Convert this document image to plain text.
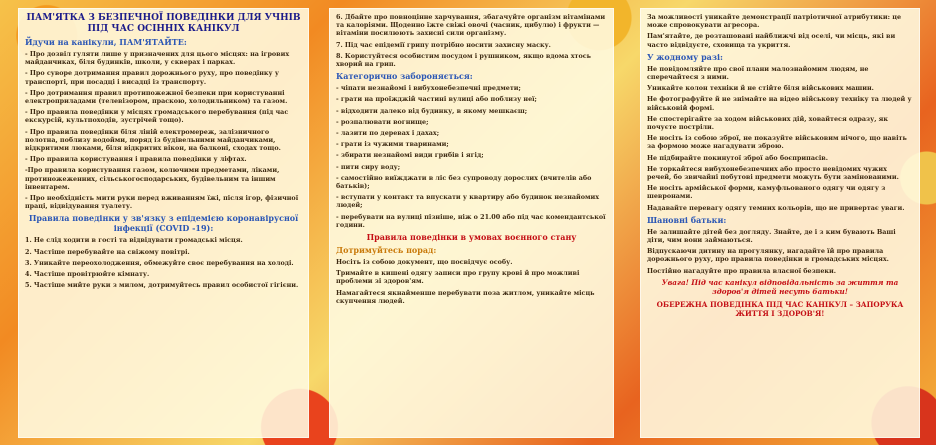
ПАМ'ЯТКА З БЕЗПЕЧНОЇ ПОВЕДІНКИ ДЛЯ УЧНІВ

ПІД ЧАС ОСІННІХ КАНІКУЛ

Йдучи на канікули, ПАМ'ЯТАЙТЕ:

- Про дозвіл гуляти лише у призначених для цього місцях: на ігрових майданчиках, біля будинків, школи, у скверах і парках.

- Про суворе дотримання правил дорожнього руху, про поведінку у транспорті, при посадці і висадці із транспорту.

- Про дотримання правил протипожежної безпеки при користуванні електроприладами (телевізором, праскою, холодильником) та газом.

- Про правила поведінки у місцях громадського перебування (під час екскурсій, культпоходів, зустрічей тощо).

- Про правила поведінки біля ліній електромереж, залізничного полотна, поблизу водойми, поряд із будівельними майданчиками, відкритими люками, біля відкритих вікон, на балконі, сходах тощо.

- Про правила користування і правила поведінки у ліфтах.

-Про правила користування газом, колючими предметами, ліками, протиножеженних, сільськогосподарських, будівельним та іншим інвентарем.

- Про необхідність мити руки перед вживанням їжі, після ігор, фізичної праці, відвідування туалету.

Правила поведінки у зв'язку з епідемією коронавірусної інфекції (COVID -19):

1. Не слід ходити в гості та відвідувати громадські місця.

2. Частіше перебувайте на свіжому повітрі.

3. Уникайте переохолодження, обмежуйте своє перебування на холоді.

4. Частіше провітрюйте кімнату.

5. Частіше мийте руки з милом, дотримуйтесь правил особистої гігієни.

6. Дбайте про повноцінне харчування, збагачуйте організм вітамінами та калоріями. Щоденно їжте свіжі овочі (часник, цибулю) і фрукти — вітаміни посилюють захисні сили організму.

7. Під час епідемії грипу потрібно носити захисну маску.

8. Користуйтеся особистим посудом і рушником, якщо вдома хтось хворий на грип.

Категорично забороняється:

- чіпати незнайомі і вибухонебезпечні предмети;

- грати на проїжджій частині вулиці або поблизу неї;

- відходити далеко від будинку, в якому мешкаєш;

- розпалювати вогнище;

- лазити по деревах і дахах;

- грати із чужими тваринами;

- збирати незнайомі види грибів і ягід;

- пити сиру воду;

- самостійно виїжджати в ліс без супроводу дорослих (вчителів або батьків);

- вступати у контакт та впускати у квартиру або будинок незнайомих людей;

- перебувати на вулиці пізніше, ніж о 21.00 або під час комендантської години.

Правила поведінки в умовах воєнного стану

Дотримуйтесь порад:

Носіть із собою документ, що посвідчує особу.

Тримайте в кишені одягу записи про групу крові й про можливі проблеми зі здоров'ям.

Намагайтеся якнайменше перебувати поза житлом, уникайте місць скупчення людей.

За можливості уникайте демонстрації патріотичної атрибутики: це може спровокувати агресора.

Пам'ятайте, де розташовані найближчі від оселі, чи місць, які ви часто відвідуєте, сховища та укриття.

У жодному разі:

Не повідомляйте про свої плани малознайомим людям, не сперечайтеся з ними.

Уникайте колон техніки й не стійте біля військових машин.

Не фотографуйте й не знімайте на відео військову техніку та людей у військовій формі.

Не спостерігайте за ходом військових дій, ховайтеся одразу, як почуєте постріли.

Не носіть із собою зброї, не показуйте військовим нічого, що навіть за формою може нагадувати зброю.

Не підбирайте покинутої зброї або боєприпасів.

Не торкайтеся вибухонебезпечних або просто невідомих чужих речей, бо звичайні побутові предмети можуть бути замінованими.

Не носіть армійської форми, камуфльованого одягу чи одягу з шевронами.

Надавайте перевагу одягу темних кольорів, що не привертає уваги.

Шановні батьки:

Не залишайте дітей без догляду. Знайте, де і з ким бувають Ваші діти, чим вони займаються.

Відпускаючи дитину на прогулянку, нагадайте їй про правила дорожнього руху, про правила поведінки в громадських місцях.

Постійно нагадуйте про правила власної безпеки.

Увага! Під час канікул відповідальність за життя та здоров'я дітей несуть батьки!

ОБЕРЕЖНА ПОВЕДІНКА ПІД ЧАС КАНІКУЛ – ЗАПОРУКА ЖИТТЯ І ЗДОРОВ'Я!
